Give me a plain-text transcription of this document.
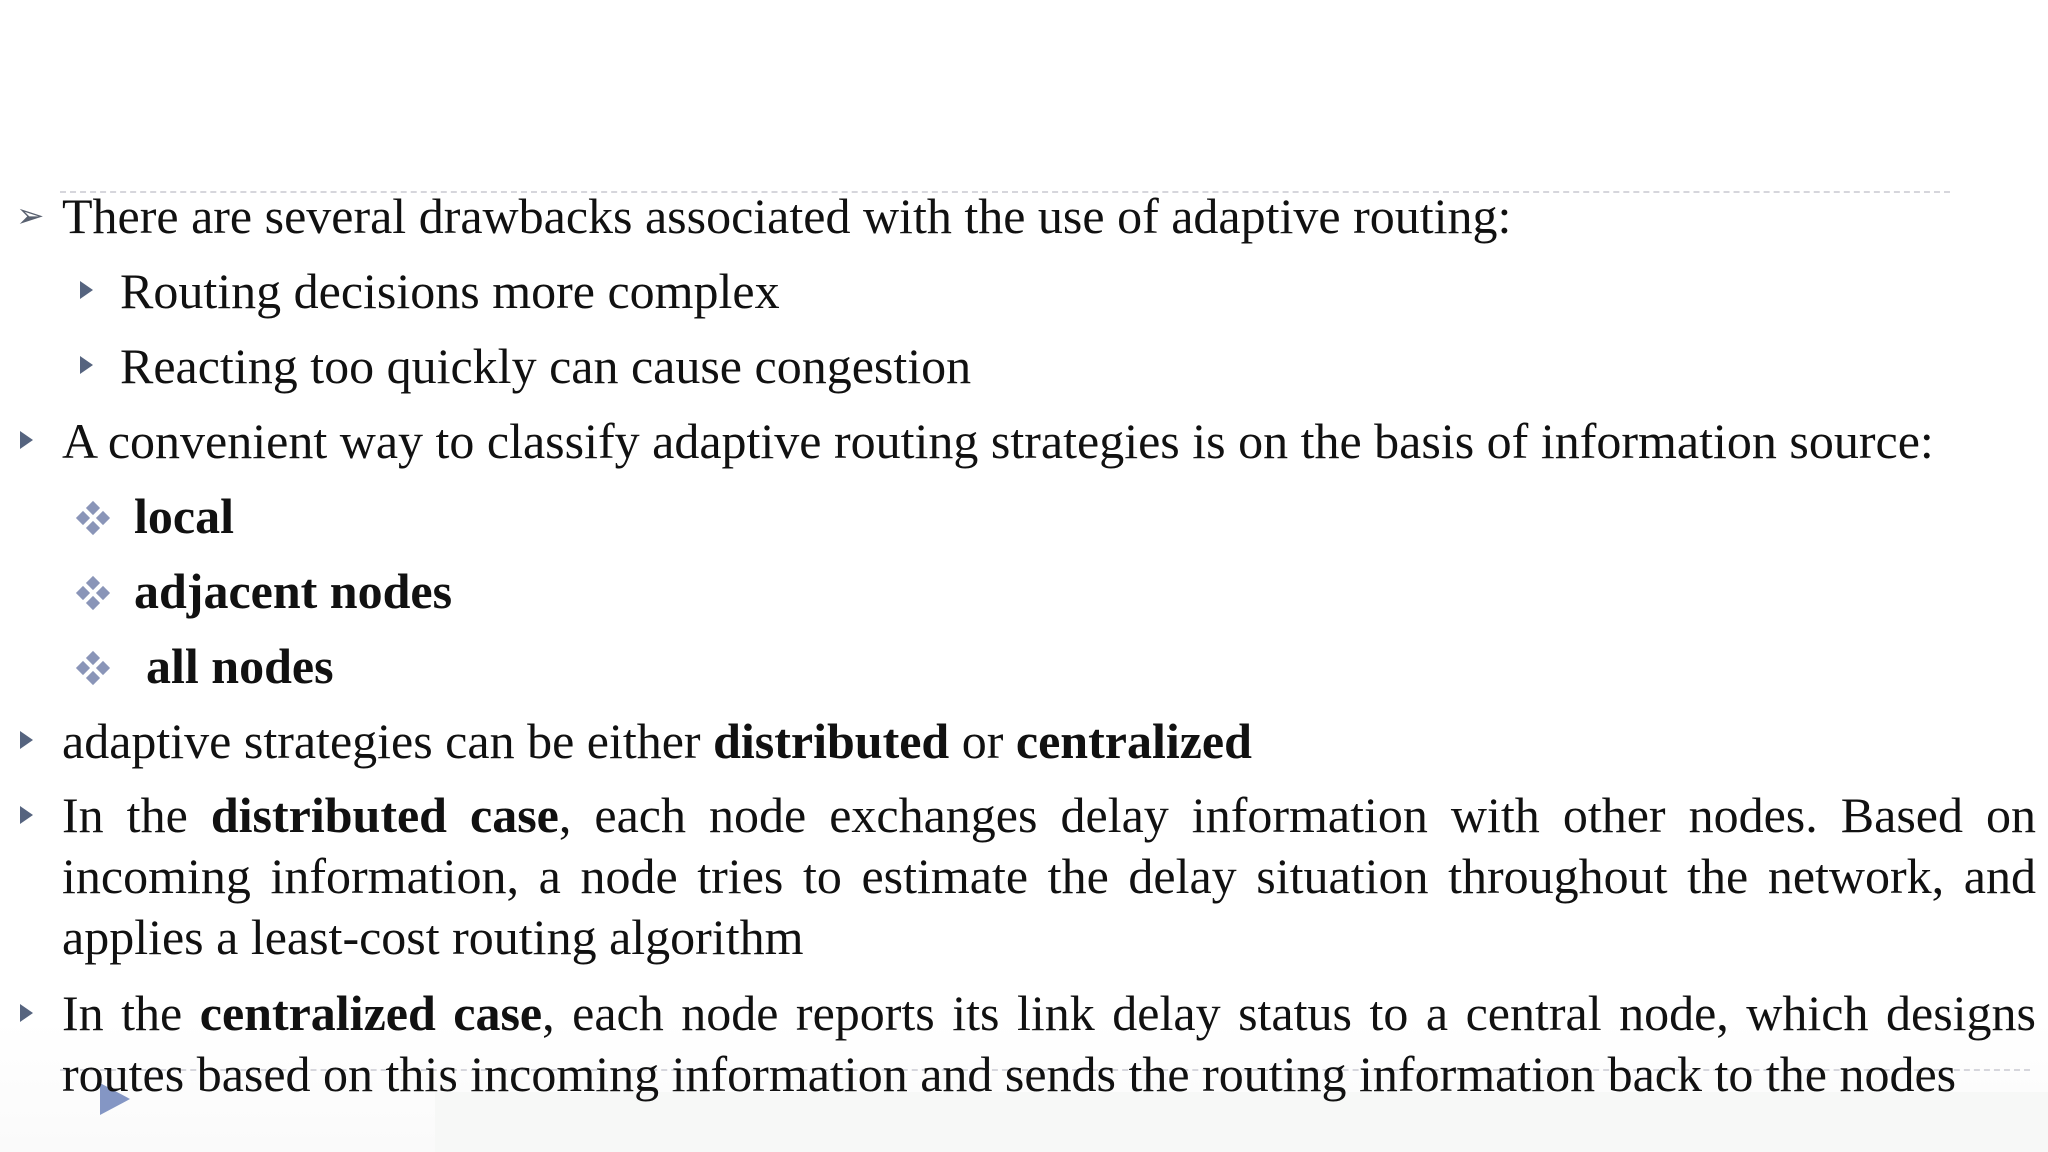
➢ There are several drawbacks associated with the use of adaptive routing:
Routing decisions more complex
Reacting too quickly can cause congestion
A convenient way to classify adaptive routing strategies is on the basis of information source:
local
adjacent nodes
all nodes
adaptive strategies can be either distributed or centralized
In the distributed case, each node exchanges delay information with other nodes. Based on incoming information, a node tries to estimate the delay situation throughout the network, and applies a least-cost routing algorithm
In the centralized case, each node reports its link delay status to a central node, which designs routes based on this incoming information and sends the routing information back to the nodes
